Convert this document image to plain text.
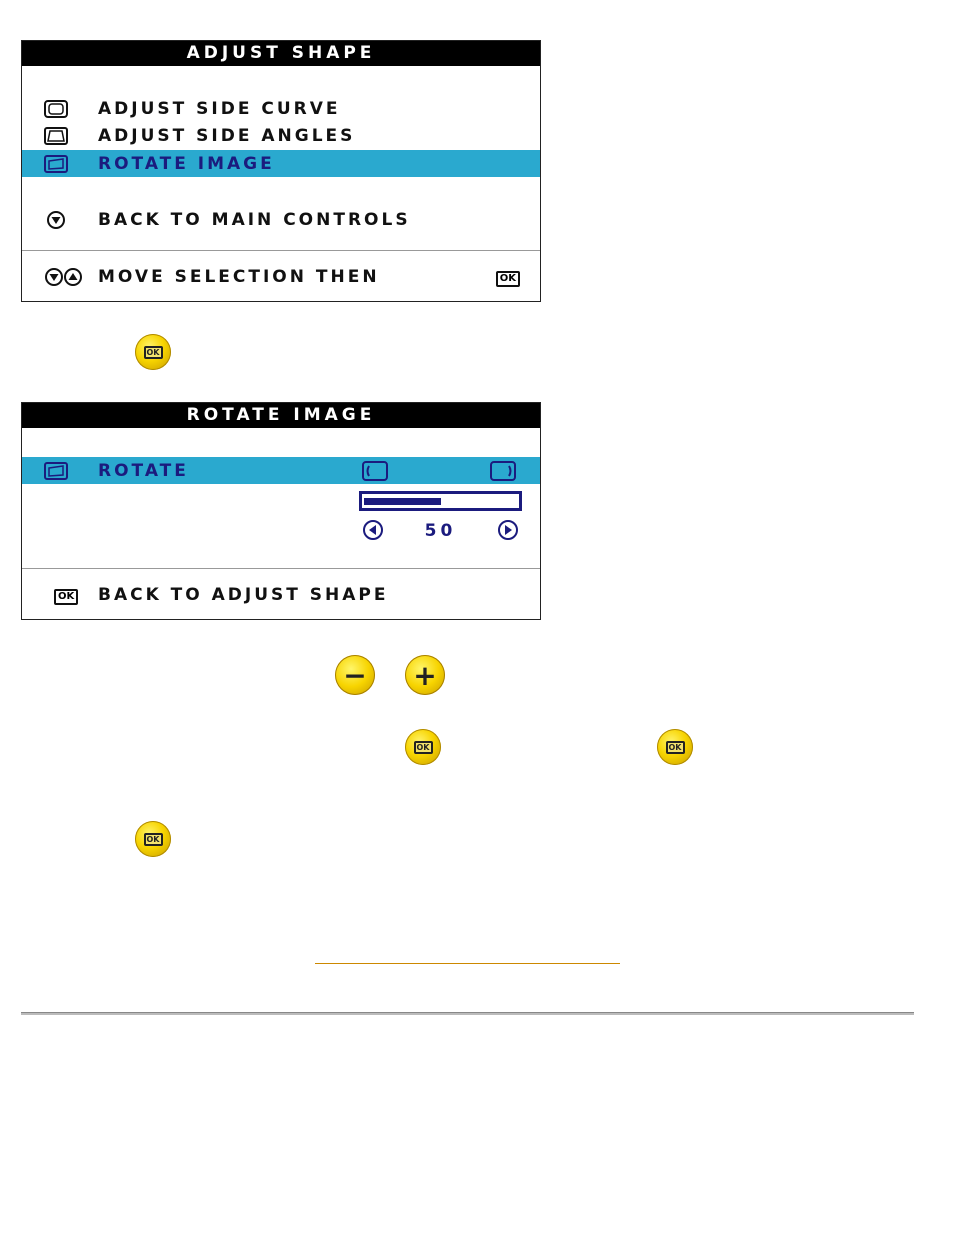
ADJUST SHAPE
ADJUST SIDE CURVE
ADJUST SIDE ANGLES
ROTATE IMAGE
BACK TO MAIN CONTROLS
MOVE SELECTION THEN	OK
OK
ROTATE IMAGE
ROTATE
50
OK BACK TO ADJUST SHAPE
− +
OK	OK
OK
